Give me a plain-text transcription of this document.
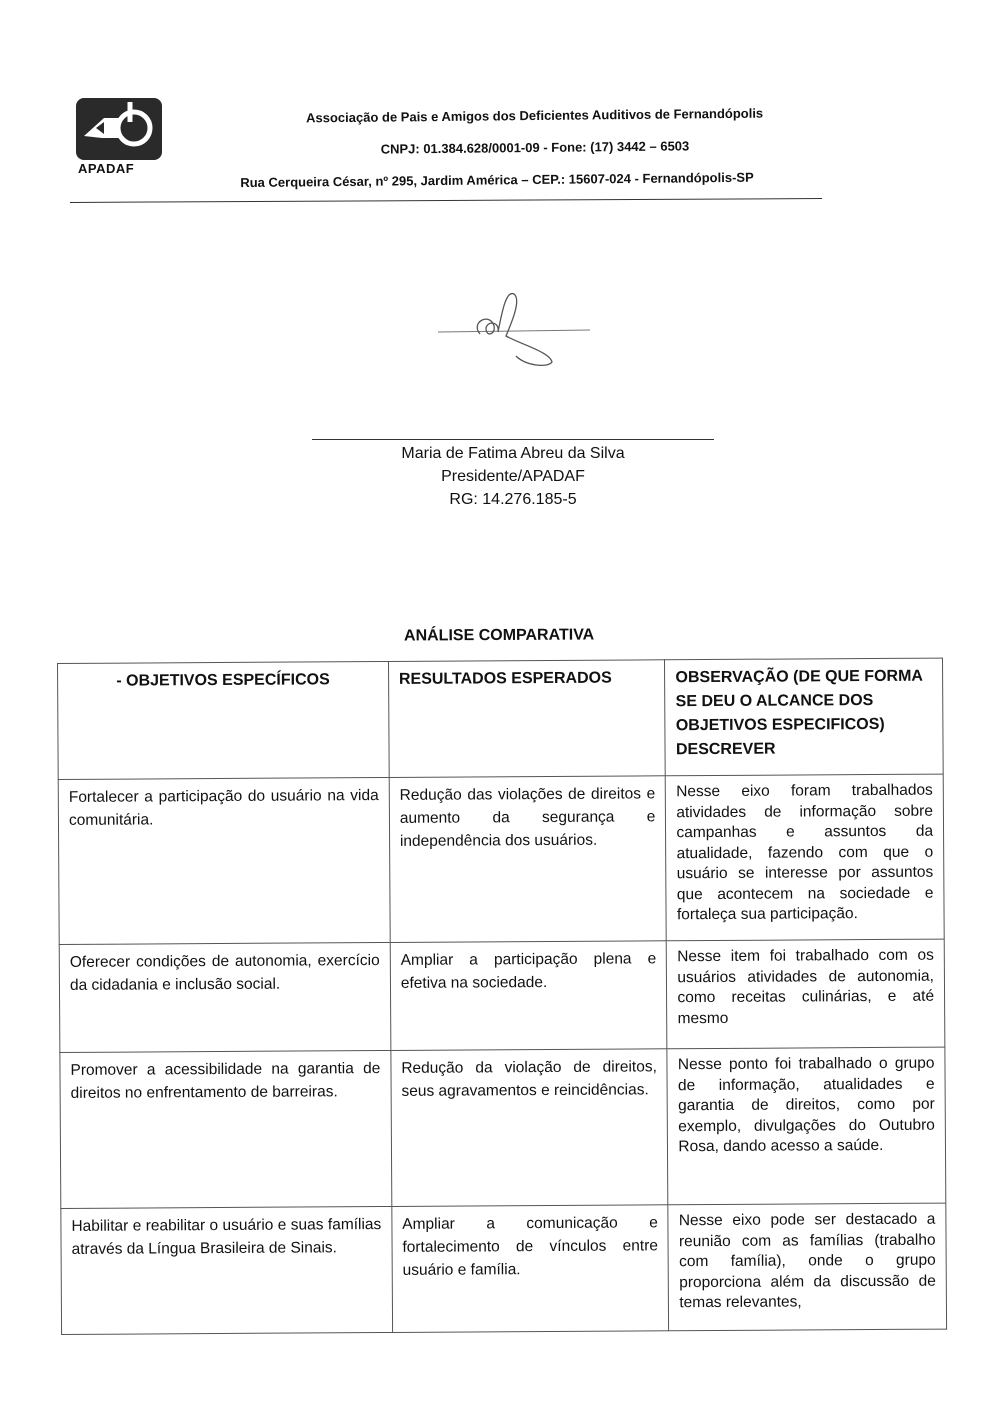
APADAF
Associação de Pais e Amigos dos Deficientes Auditivos de Fernandópolis
CNPJ: 01.384.628/0001-09 - Fone: (17) 3442 – 6503
Rua Cerqueira César, nº 295, Jardim América – CEP.: 15607-024 - Fernandópolis-SP
Maria de Fatima Abreu da Silva
Presidente/APADAF
RG: 14.276.185-5
ANÁLISE COMPARATIVA
- OBJETIVOS ESPECÍFICOS	RESULTADOS ESPERADOS	OBSERVAÇÃO (DE QUE FORMA SE DEU O ALCANCE DOS OBJETIVOS ESPECIFICOS) DESCREVER
Fortalecer a participação do usuário na vida comunitária.	Redução das violações de direitos e aumento da segurança e independência dos usuários.	Nesse eixo foram trabalhados atividades de informação sobre campanhas e assuntos da atualidade, fazendo com que o usuário se interesse por assuntos que acontecem na sociedade e fortaleça sua participação.
Oferecer condições de autonomia, exercício da cidadania e inclusão social.	Ampliar a participação plena e efetiva na sociedade.	Nesse item foi trabalhado com os usuários atividades de autonomia, como receitas culinárias, e até mesmo
Promover a acessibilidade na garantia de direitos no enfrentamento de barreiras.	Redução da violação de direitos, seus agravamentos e reincidências.	Nesse ponto foi trabalhado o grupo de informação, atualidades e garantia de direitos, como por exemplo, divulgações do Outubro Rosa, dando acesso a saúde.
Habilitar e reabilitar o usuário e suas famílias através da Língua Brasileira de Sinais.	Ampliar a comunicação e fortalecimento de vínculos entre usuário e família.	Nesse eixo pode ser destacado a reunião com as famílias (trabalho com família), onde o grupo proporciona além da discussão de temas relevantes,
